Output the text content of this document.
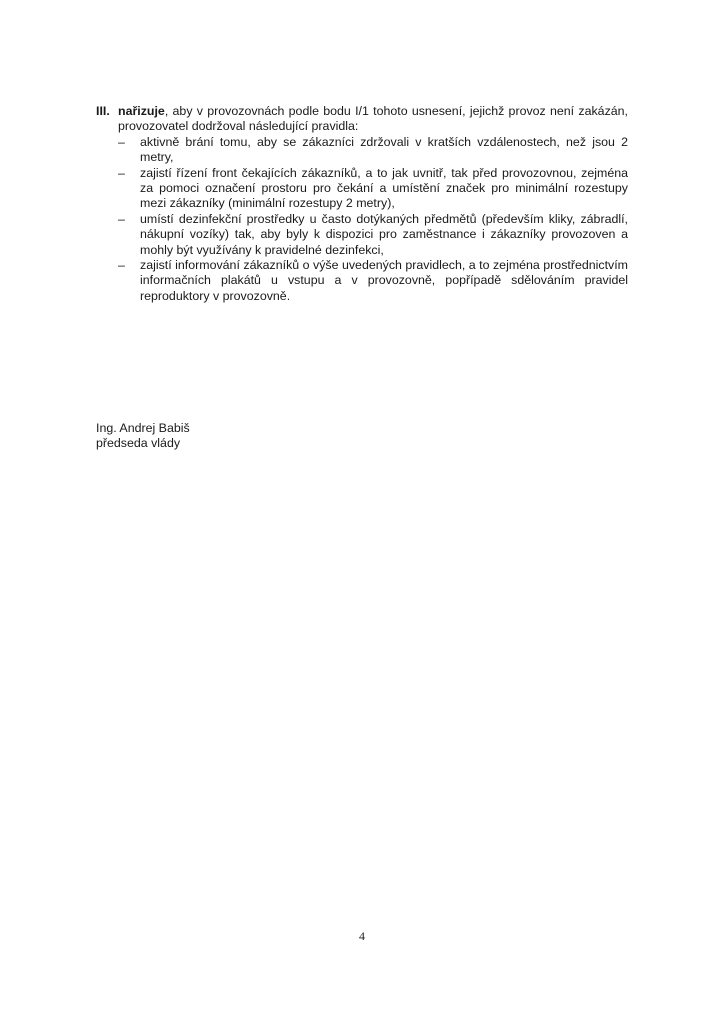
III. nařizuje, aby v provozovnách podle bodu I/1 tohoto usnesení, jejichž provoz není zakázán, provozovatel dodržoval následující pravidla:
–	aktivně brání tomu, aby se zákazníci zdržovali v kratších vzdálenostech, než jsou 2 metry,
–	zajistí řízení front čekajících zákazníků, a to jak uvnitř, tak před provozovnou, zejména za pomoci označení prostoru pro čekání a umístění značek pro minimální rozestupy mezi zákazníky (minimální rozestupy 2 metry),
–	umístí dezinfekční prostředky u často dotýkaných předmětů (především kliky, zábradlí, nákupní vozíky) tak, aby byly k dispozici pro zaměstnance i zákazníky provozoven a mohly být využívány k pravidelné dezinfekci,
–	zajistí informování zákazníků o výše uvedených pravidlech, a to zejména prostřednictvím informačních plakátů u vstupu a v provozovně, popřípadě sdělováním pravidel reproduktory v provozovně.
Ing. Andrej Babiš
předseda vlády
4
